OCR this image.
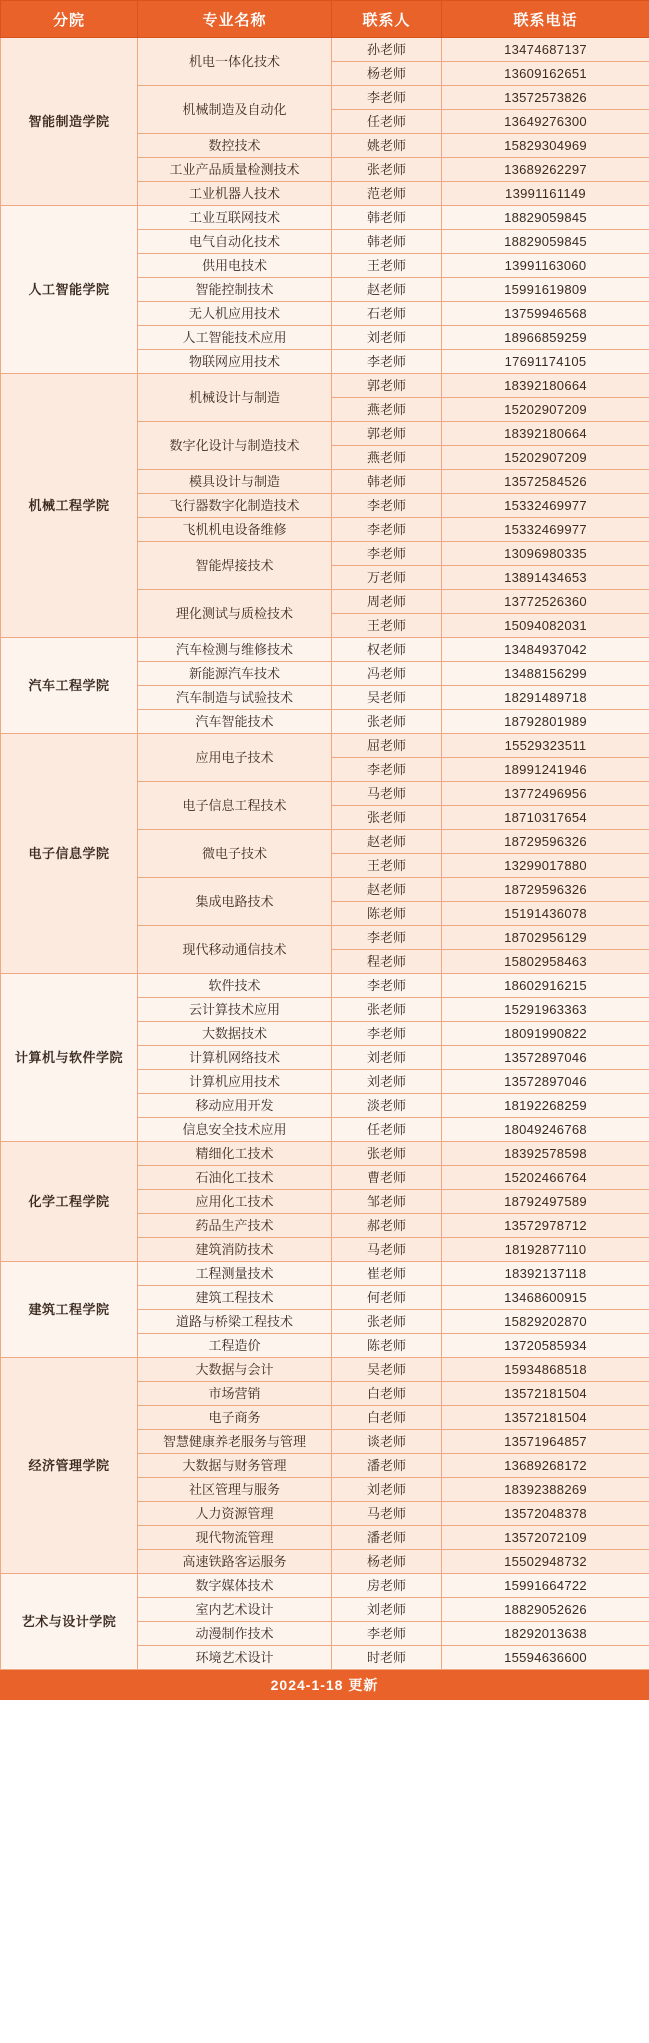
分院	专业名称	联系人	联系电话
智能制造学院	机电一体化技术	孙老师	13474687137
		杨老师	13609162651
	机械制造及自动化	李老师	13572573826
		任老师	13649276300
	数控技术	姚老师	15829304969
	工业产品质量检测技术	张老师	13689262297
	工业机器人技术	范老师	13991161149
人工智能学院	工业互联网技术	韩老师	18829059845
	电气自动化技术	韩老师	18829059845
	供用电技术	王老师	13991163060
	智能控制技术	赵老师	15991619809
	无人机应用技术	石老师	13759946568
	人工智能技术应用	刘老师	18966859259
	物联网应用技术	李老师	17691174105
机械工程学院	机械设计与制造	郭老师	18392180664
		燕老师	15202907209
	数字化设计与制造技术	郭老师	18392180664
		燕老师	15202907209
	模具设计与制造	韩老师	13572584526
	飞行器数字化制造技术	李老师	15332469977
	飞机机电设备维修	李老师	15332469977
	智能焊接技术	李老师	13096980335
		万老师	13891434653
	理化测试与质检技术	周老师	13772526360
		王老师	15094082031
汽车工程学院	汽车检测与维修技术	权老师	13484937042
	新能源汽车技术	冯老师	13488156299
	汽车制造与试验技术	吴老师	18291489718
	汽车智能技术	张老师	18792801989
电子信息学院	应用电子技术	屈老师	15529323511
		李老师	18991241946
	电子信息工程技术	马老师	13772496956
		张老师	18710317654
	微电子技术	赵老师	18729596326
		王老师	13299017880
	集成电路技术	赵老师	18729596326
		陈老师	15191436078
	现代移动通信技术	李老师	18702956129
		程老师	15802958463
计算机与软件学院	软件技术	李老师	18602916215
	云计算技术应用	张老师	15291963363
	大数据技术	李老师	18091990822
	计算机网络技术	刘老师	13572897046
	计算机应用技术	刘老师	13572897046
	移动应用开发	淡老师	18192268259
	信息安全技术应用	任老师	18049246768
化学工程学院	精细化工技术	张老师	18392578598
	石油化工技术	曹老师	15202466764
	应用化工技术	邹老师	18792497589
	药品生产技术	郝老师	13572978712
	建筑消防技术	马老师	18192877110
建筑工程学院	工程测量技术	崔老师	18392137118
	建筑工程技术	何老师	13468600915
	道路与桥梁工程技术	张老师	15829202870
	工程造价	陈老师	13720585934
经济管理学院	大数据与会计	吴老师	15934868518
	市场营销	白老师	13572181504
	电子商务	白老师	13572181504
	智慧健康养老服务与管理	谈老师	13571964857
	大数据与财务管理	潘老师	13689268172
	社区管理与服务	刘老师	18392388269
	人力资源管理	马老师	13572048378
	现代物流管理	潘老师	13572072109
	高速铁路客运服务	杨老师	15502948732
艺术与设计学院	数字媒体技术	房老师	15991664722
	室内艺术设计	刘老师	18829052626
	动漫制作技术	李老师	18292013638
	环境艺术设计	时老师	15594636600
2024-1-18 更新
